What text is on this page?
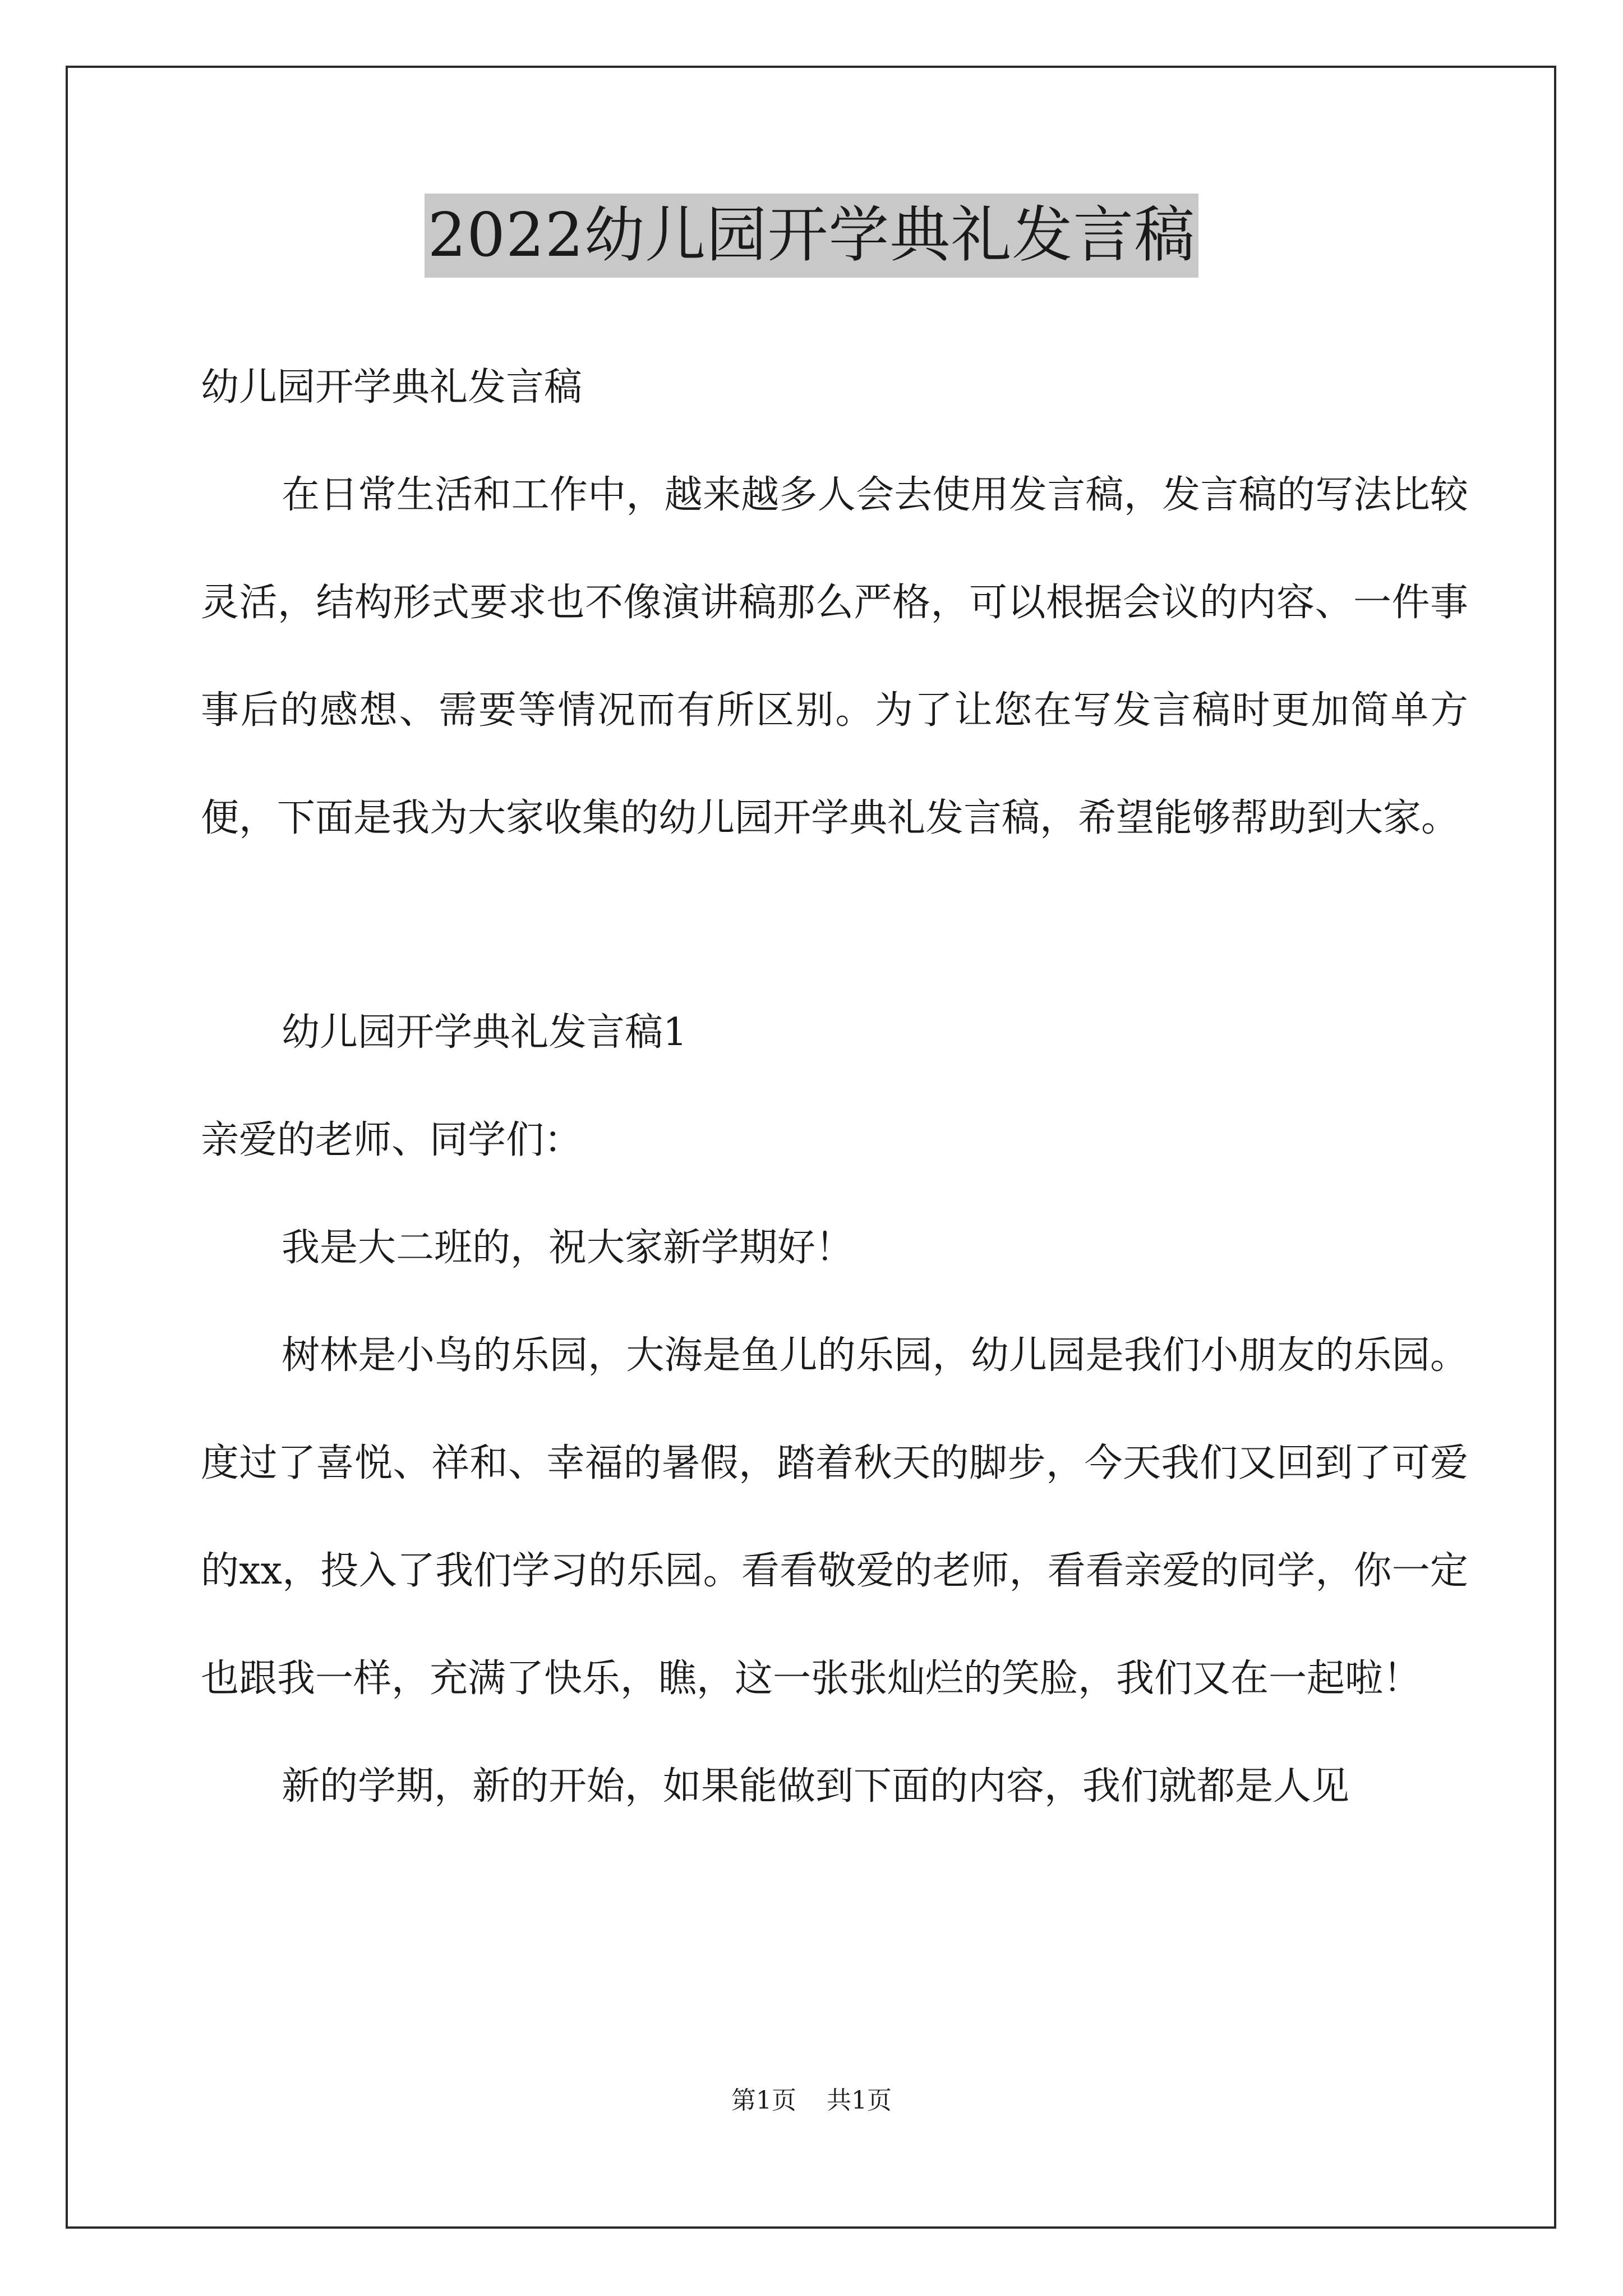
2022幼儿园开学典礼发言稿

幼儿园开学典礼发言稿

在日常生活和工作中，越来越多人会去使用发言稿，发言稿的写法比较灵活，结构形式要求也不像演讲稿那么严格，可以根据会议的内容、一件事事后的感想、需要等情况而有所区别。为了让您在写发言稿时更加简单方便，下面是我为大家收集的幼儿园开学典礼发言稿，希望能够帮助到大家。

幼儿园开学典礼发言稿1

亲爱的老师、同学们：

我是大二班的，祝大家新学期好！

树林是小鸟的乐园，大海是鱼儿的乐园，幼儿园是我们小朋友的乐园。度过了喜悦、祥和、幸福的暑假，踏着秋天的脚步，今天我们又回到了可爱的xx，投入了我们学习的乐园。看看敬爱的老师，看看亲爱的同学，你一定也跟我一样，充满了快乐，瞧，这一张张灿烂的笑脸，我们又在一起啦！

新的学期，新的开始，如果能做到下面的内容，我们就都是人见

第1页 共1页
